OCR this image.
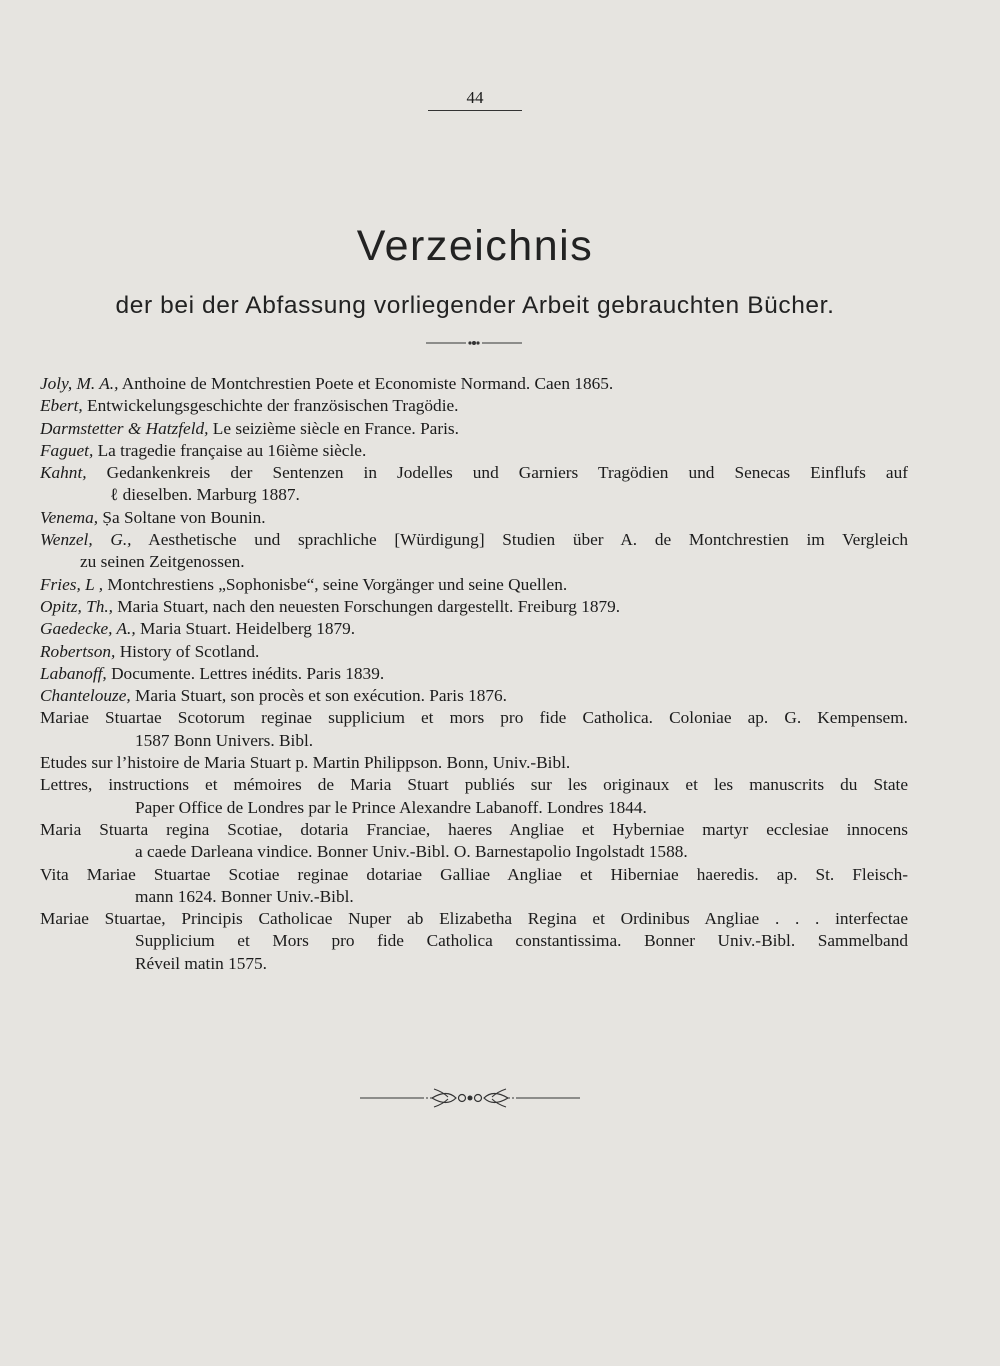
44
Verzeichnis
der bei der Abfassung vorliegender Arbeit gebrauchten Bücher.
Joly, M. A., Anthoine de Montchrestien Poete et Economiste Normand. Caen 1865.
Ebert, Entwickelungsgeschichte der französischen Tragödie.
Darmstetter & Hatzfeld, Le seizième siècle en France. Paris.
Faguet, La tragedie française au 16ième siècle.
Kahnt, Gedankenkreis der Sentenzen in Jodelles und Garniers Tragödien und Senecas Einflufs auf
ℓ dieselben. Marburg 1887.
Venema, Ṣa Soltane von Bounin.
Wenzel, G., Aesthetische und sprachliche [Würdigung] Studien über A. de Montchrestien im Vergleich
zu seinen Zeitgenossen.
Fries, L , Montchrestiens „Sophonisbe“, seine Vorgänger und seine Quellen.
Opitz, Th., Maria Stuart, nach den neuesten Forschungen dargestellt. Freiburg 1879.
Gaedecke, A., Maria Stuart. Heidelberg 1879.
Robertson, History of Scotland.
Labanoff, Documente. Lettres inédits. Paris 1839.
Chantelouze, Maria Stuart, son procès et son exécution. Paris 1876.
Mariae Stuartae Scotorum reginae supplicium et mors pro fide Catholica. Coloniae ap. G. Kempensem.
1587 Bonn Univers. Bibl.
Etudes sur l’histoire de Maria Stuart p. Martin Philippson. Bonn, Univ.-Bibl.
Lettres, instructions et mémoires de Maria Stuart publiés sur les originaux et les manuscrits du State
Paper Office de Londres par le Prince Alexandre Labanoff. Londres 1844.
Maria Stuarta regina Scotiae, dotaria Franciae, haeres Angliae et Hyberniae martyr ecclesiae innocens
a caede Darleana vindice. Bonner Univ.-Bibl. O. Barnestapolio Ingolstadt 1588.
Vita Mariae Stuartae Scotiae reginae dotariae Galliae Angliae et Hiberniae haeredis. ap. St. Fleisch-
mann 1624. Bonner Univ.-Bibl.
Mariae Stuartae, Principis Catholicae Nuper ab Elizabetha Regina et Ordinibus Angliae . . . interfectae
Supplicium et Mors pro fide Catholica constantissima. Bonner Univ.-Bibl. Sammelband
Réveil matin 1575.
